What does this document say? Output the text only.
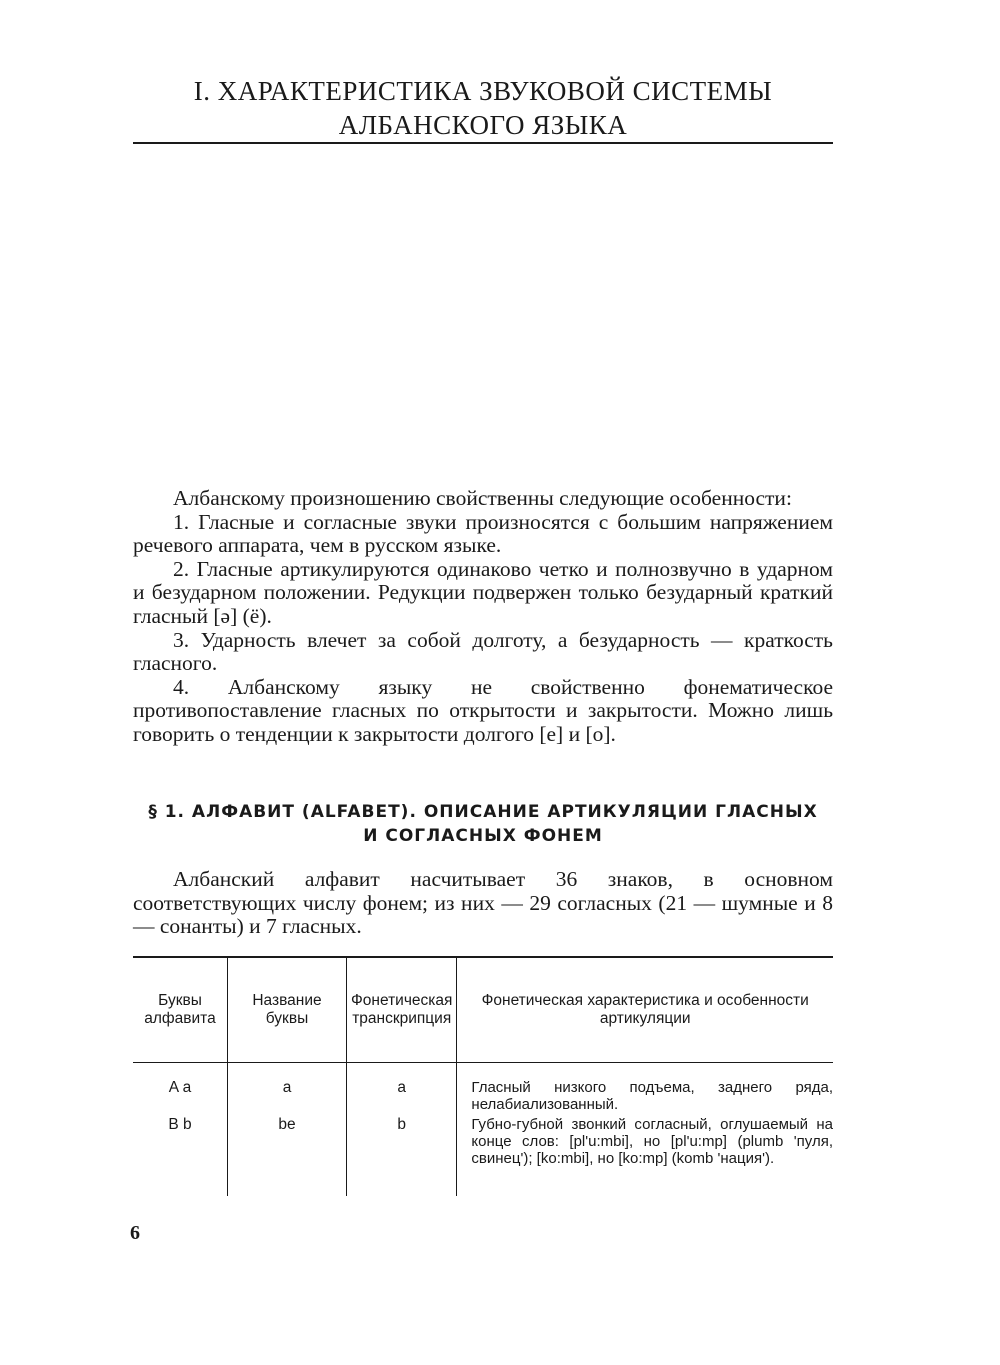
I. ХАРАКТЕРИСТИКА ЗВУКОВОЙ СИСТЕМЫ
АЛБАНСКОГО ЯЗЫКА

Албанскому произношению свойственны следующие особенности:

1. Гласные и согласные звуки произносятся с большим напряжением речевого аппарата, чем в русском языке.

2. Гласные артикулируются одинаково четко и полнозвучно в ударном и безударном положении. Редукции подвержен только безударный краткий гласный [ә] (ё).

3. Ударность влечет за собой долготу, а безударность — краткость гласного.

4. Албанскому языку не свойственно фонематическое противопоставление гласных по открытости и закрытости. Можно лишь говорить о тенденции к закрытости долгого [е] и [о].

§ 1. АЛФАВИТ (ALFABET). ОПИСАНИЕ АРТИКУЛЯЦИИ ГЛАСНЫХ
И СОГЛАСНЫХ ФОНЕМ

Албанский алфавит насчитывает 36 знаков, в основном соответствующих числу фонем; из них — 29 согласных (21 — шумные и 8 — сонанты) и 7 гласных.

Буквы алфавита	Название буквы	Фонетическая транскрипция	Фонетическая характеристика и особенности артикуляции

A a	a	a	Гласный низкого подъема, заднего ряда, нелабиализованный.
B b	be	b	Губно-губной звонкий согласный, оглушаемый на конце слов: [pl'u:mbi], но [pl'u:mp] (plumb 'пуля, свинец'); [ko:mbi], но [ko:mp] (komb 'нация').
6
